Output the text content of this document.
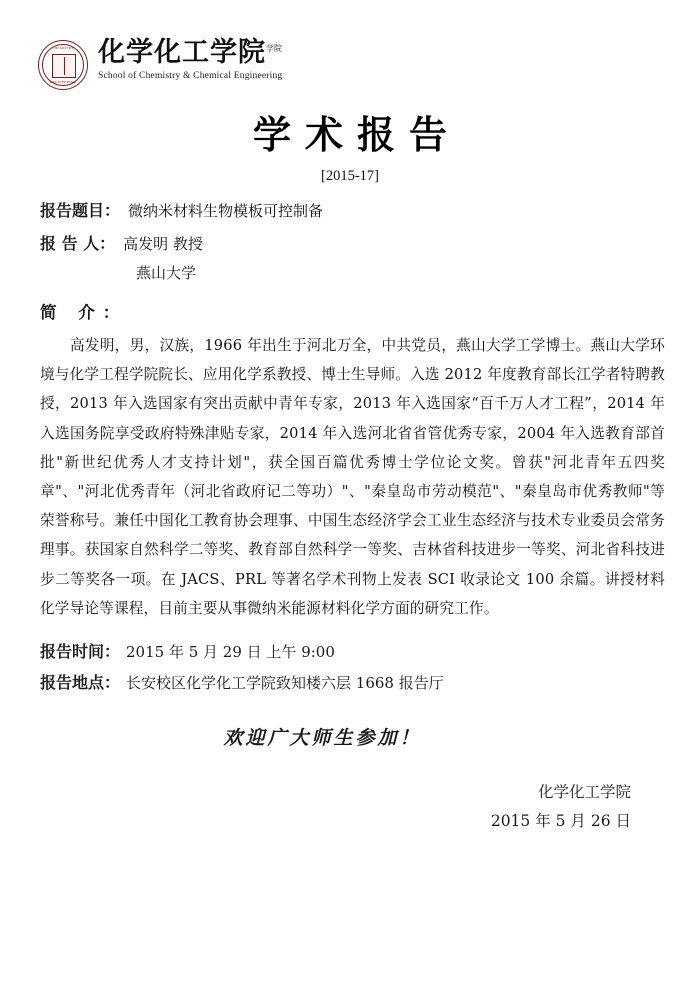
CHEMISTRY
ENGINEERING
化学化工学院$^{学院}$
School of Chemistry & Chemical Engineering
学术报告
[2015-17]
报告题目： 微纳米材料生物模板可控制备
报 告 人： 高发明 教授
燕山大学
简 介：
高发明，男，汉族，1966 年出生于河北万全，中共党员，燕山大学工学博士。燕山大学环境与化学工程学院院长、应用化学系教授、博士生导师。入选 2012 年度教育部长江学者特聘教授，2013 年入选国家有突出贡献中青年专家，2013 年入选国家“百千万人才工程”，2014 年入选国务院享受政府特殊津贴专家，2014 年入选河北省省管优秀专家，2004 年入选教育部首批"新世纪优秀人才支持计划"，获全国百篇优秀博士学位论文奖。曾获"河北青年五四奖章"、"河北优秀青年（河北省政府记二等功）"、"秦皇岛市劳动模范"、"秦皇岛市优秀教师"等荣誉称号。兼任中国化工教育协会理事、中国生态经济学会工业生态经济与技术专业委员会常务理事。获国家自然科学二等奖、教育部自然科学一等奖、吉林省科技进步一等奖、河北省科技进步二等奖各一项。在 JACS、PRL 等著名学术刊物上发表 SCI 收录论文 100 余篇。讲授材料化学导论等课程，目前主要从事微纳米能源材料化学方面的研究工作。
报告时间： 2015 年 5 月 29 日 上午 9:00
报告地点： 长安校区化学化工学院致知楼六层 1668 报告厅
欢迎广大师生参加！
化学化工学院
2015 年 5 月 26 日
